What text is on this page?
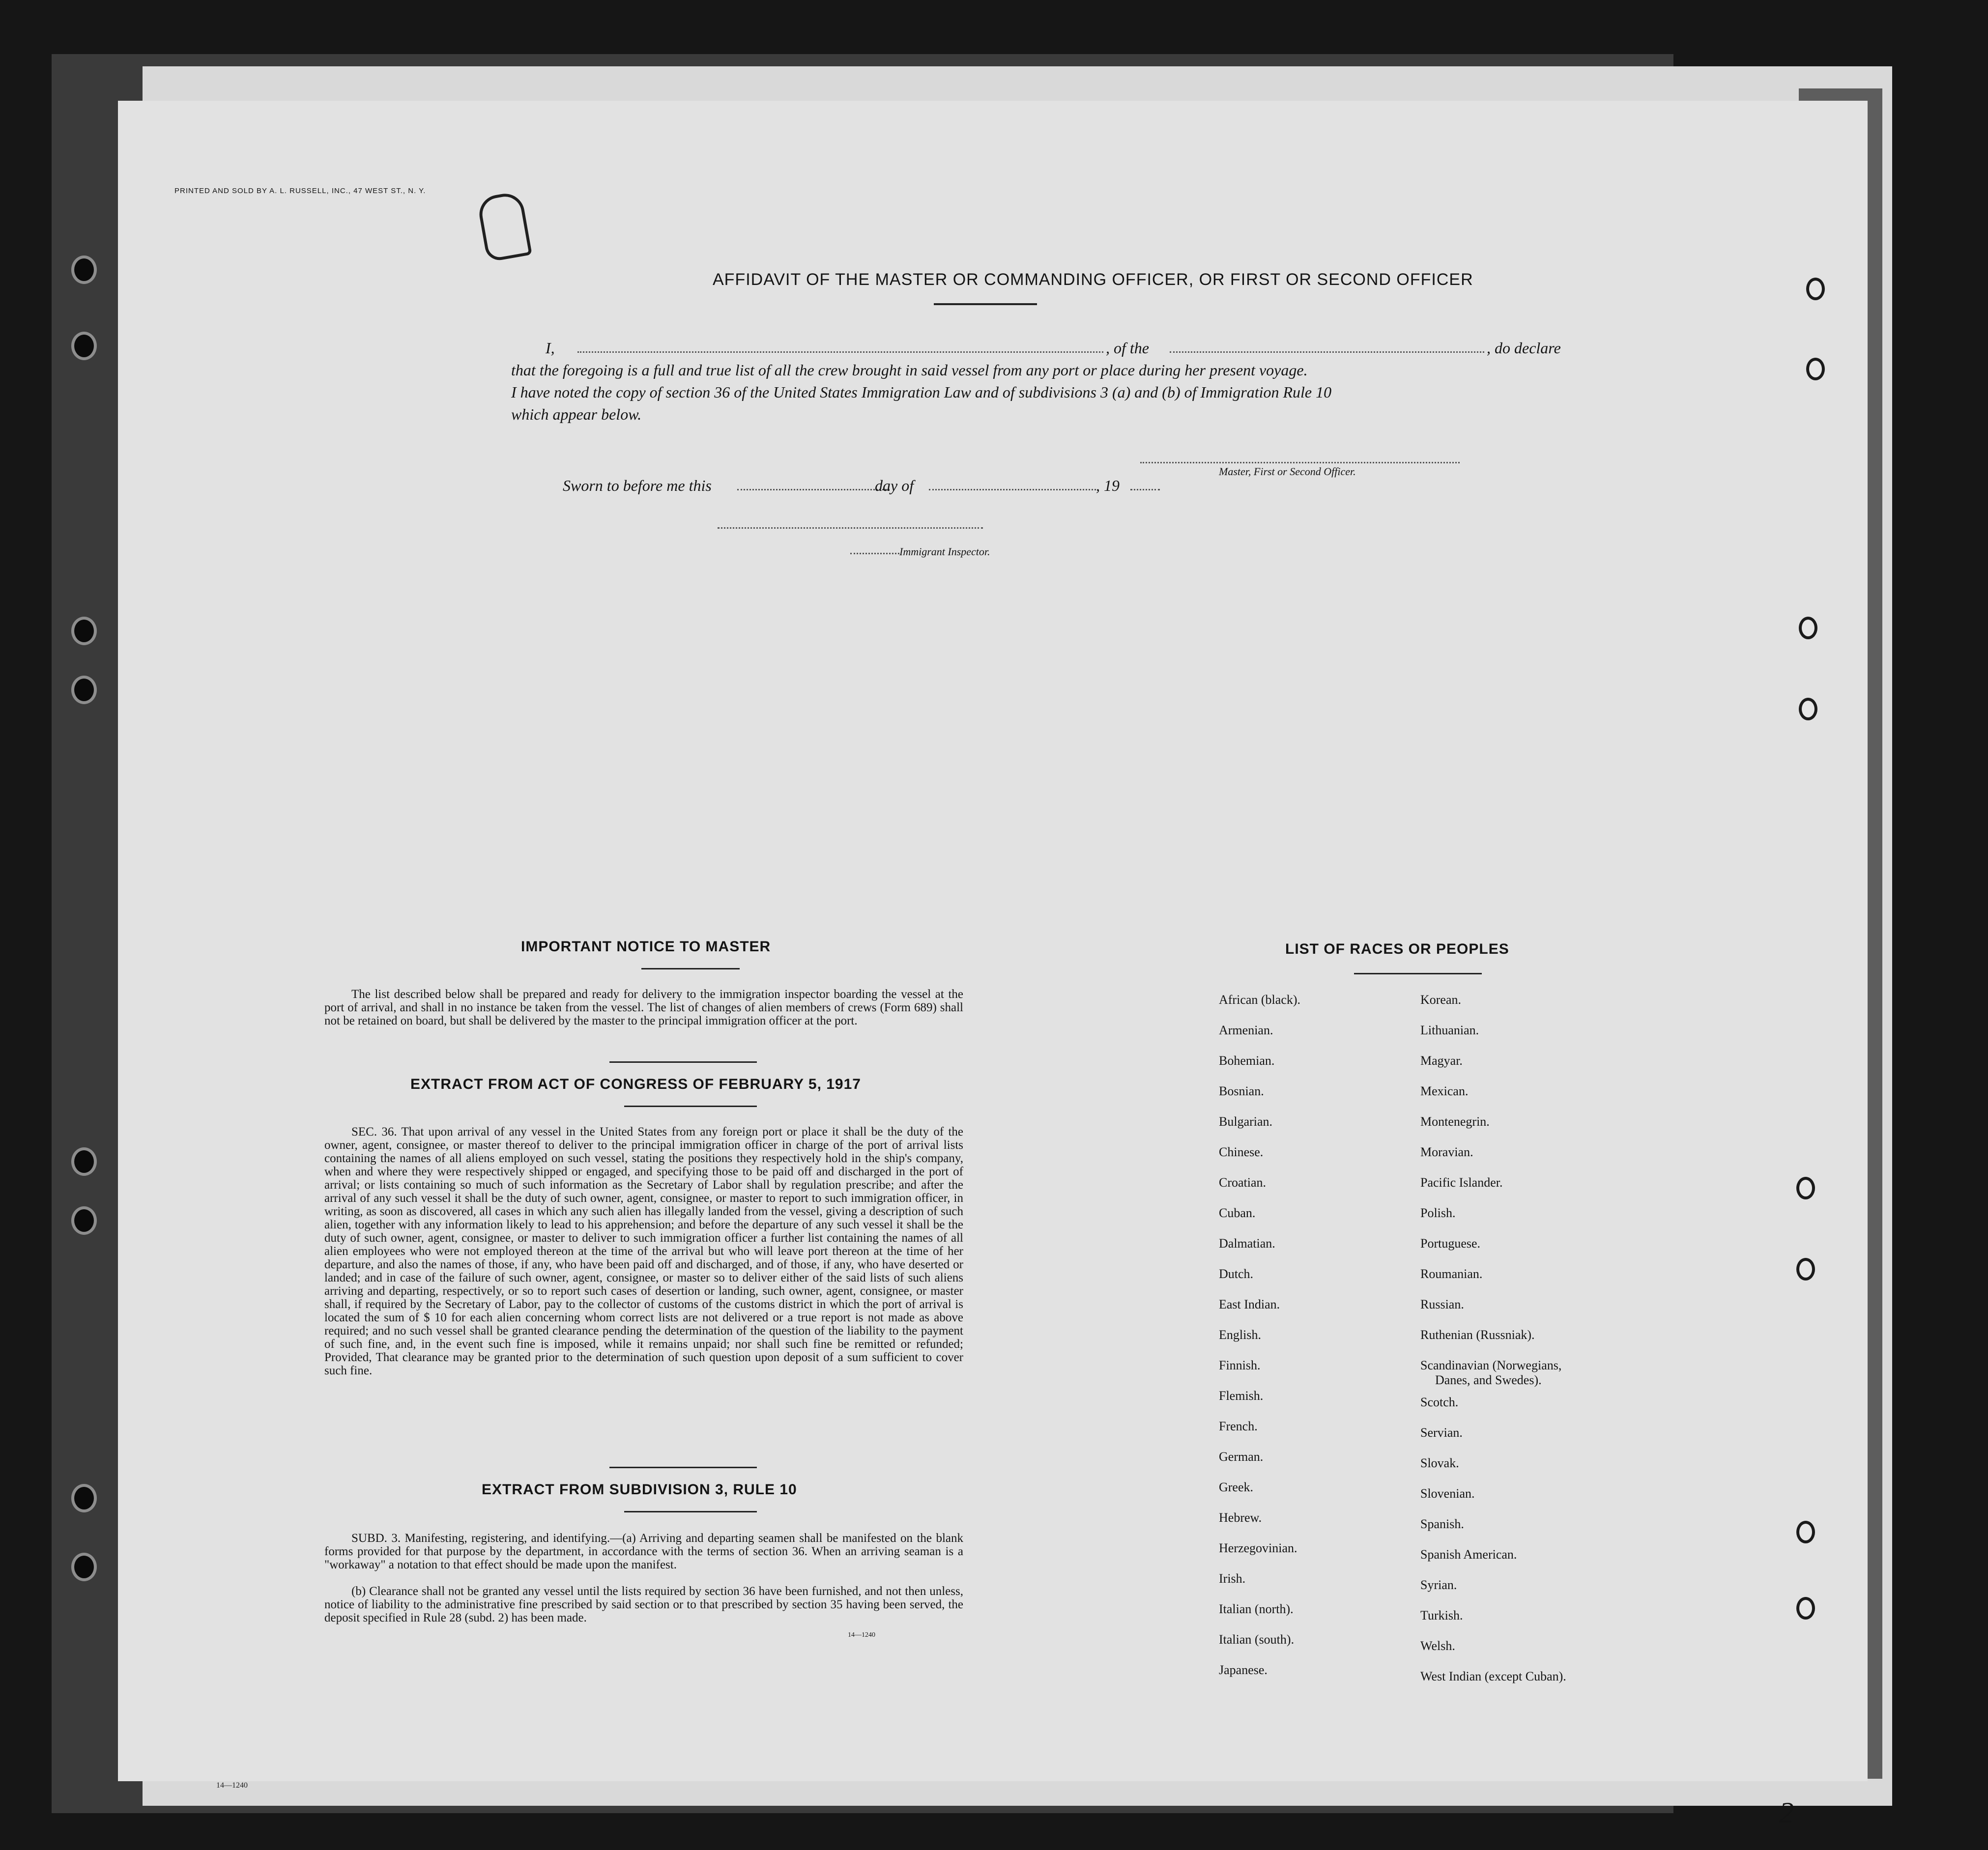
PRINTED AND SOLD BY A. L. RUSSELL, INC., 47 WEST ST., N. Y.
AFFIDAVIT OF THE MASTER OR COMMANDING OFFICER, OR FIRST OR SECOND OFFICER
I,	, of the	, do declare
that the foregoing is a full and true list of all the crew brought in said vessel from any port or place during her present voyage.
I have noted the copy of section 36 of the United States Immigration Law and of subdivisions 3 (a) and (b) of Immigration Rule 10
which appear below.
Master, First or Second Officer.
Sworn to before me this	day of	, 19
Immigrant Inspector.
IMPORTANT NOTICE TO MASTER
The list described below shall be prepared and ready for delivery to the immigration inspector boarding the vessel at the port of arrival, and shall in no instance be taken from the vessel. The list of changes of alien members of crews (Form 689) shall not be retained on board, but shall be delivered by the master to the principal immigration officer at the port.
EXTRACT FROM ACT OF CONGRESS OF FEBRUARY 5, 1917
SEC. 36. That upon arrival of any vessel in the United States from any foreign port or place it shall be the duty of the owner, agent, consignee, or master thereof to deliver to the principal immigration officer in charge of the port of arrival lists containing the names of all aliens employed on such vessel, stating the positions they respectively hold in the ship's company, when and where they were respectively shipped or engaged, and specifying those to be paid off and discharged in the port of arrival; or lists containing so much of such information as the Secretary of Labor shall by regulation prescribe; and after the arrival of any such vessel it shall be the duty of such owner, agent, consignee, or master to report to such immigration officer, in writing, as soon as discovered, all cases in which any such alien has illegally landed from the vessel, giving a description of such alien, together with any information likely to lead to his apprehension; and before the departure of any such vessel it shall be the duty of such owner, agent, consignee, or master to deliver to such immigration officer a further list containing the names of all alien employees who were not employed thereon at the time of the arrival but who will leave port thereon at the time of her departure, and also the names of those, if any, who have been paid off and discharged, and of those, if any, who have deserted or landed; and in case of the failure of such owner, agent, consignee, or master so to deliver either of the said lists of such aliens arriving and departing, respectively, or so to report such cases of desertion or landing, such owner, agent, consignee, or master shall, if required by the Secretary of Labor, pay to the collector of customs of the customs district in which the port of arrival is located the sum of $ 10 for each alien concerning whom correct lists are not delivered or a true report is not made as above required; and no such vessel shall be granted clearance pending the determination of the question of the liability to the payment of such fine, and, in the event such fine is imposed, while it remains unpaid; nor shall such fine be remitted or refunded; Provided, That clearance may be granted prior to the determination of such question upon deposit of a sum sufficient to cover such fine.
EXTRACT FROM SUBDIVISION 3, RULE 10
SUBD. 3. Manifesting, registering, and identifying.—(a) Arriving and departing seamen shall be manifested on the blank forms provided for that purpose by the department, in accordance with the terms of section 36. When an arriving seaman is a "workaway" a notation to that effect should be made upon the manifest.
(b) Clearance shall not be granted any vessel until the lists required by section 36 have been furnished, and not then unless, notice of liability to the administrative fine prescribed by said section or to that prescribed by section 35 having been served, the deposit specified in Rule 28 (subd. 2) has been made.
14—1240
LIST OF RACES OR PEOPLES
African (black).
Armenian.
Bohemian.
Bosnian.
Bulgarian.
Chinese.
Croatian.
Cuban.
Dalmatian.
Dutch.
East Indian.
English.
Finnish.
Flemish.
French.
German.
Greek.
Hebrew.
Herzegovinian.
Irish.
Italian (north).
Italian (south).
Japanese.
Korean.
Lithuanian.
Magyar.
Mexican.
Montenegrin.
Moravian.
Pacific Islander.
Polish.
Portuguese.
Roumanian.
Russian.
Ruthenian (Russniak).
Scandinavian (Norwegians,
Danes, and Swedes).
Scotch.
Servian.
Slovak.
Slovenian.
Spanish.
Spanish American.
Syrian.
Turkish.
Welsh.
West Indian (except Cuban).
2
14—1240
